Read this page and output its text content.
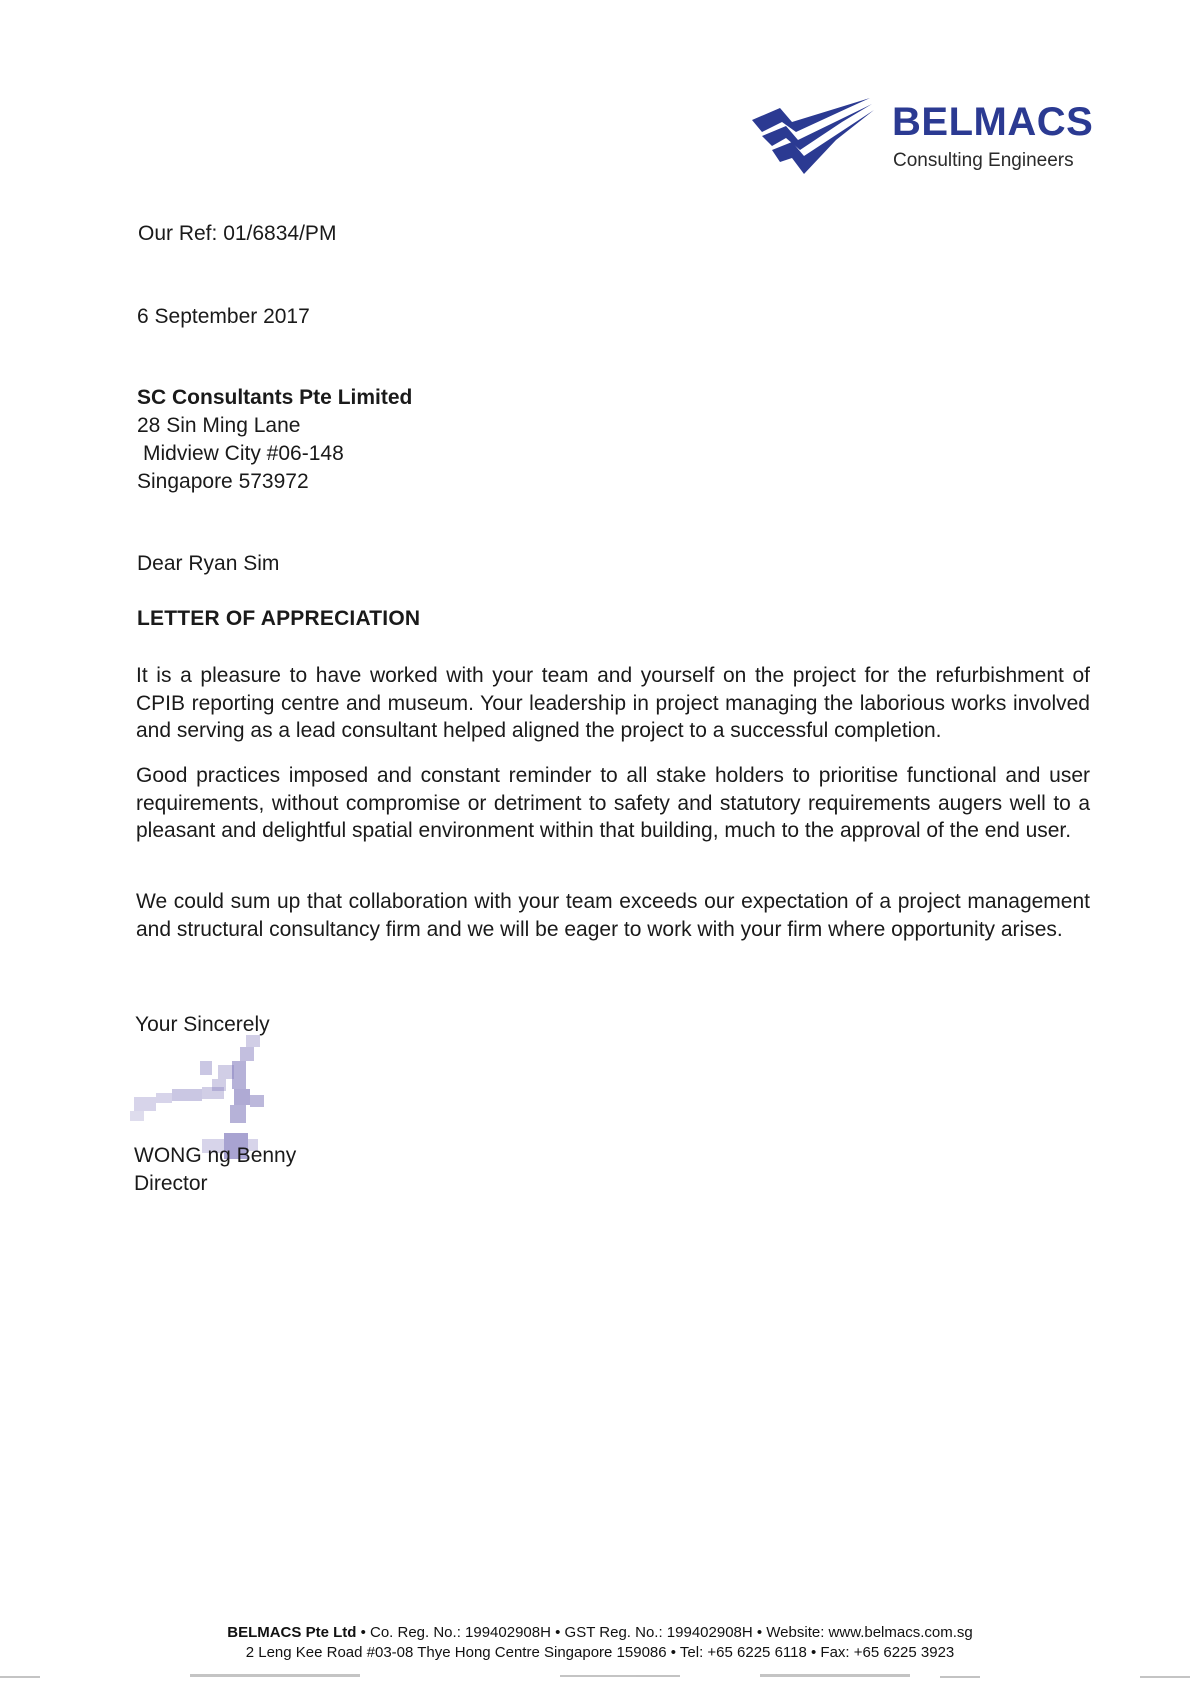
BELMACS
Consulting Engineers
Our Ref: 01/6834/PM
6 September 2017
SC Consultants Pte Limited
28 Sin Ming Lane
Midview City #06-148
Singapore 573972
Dear Ryan Sim
LETTER OF APPRECIATION

It is a pleasure to have worked with your team and yourself on the project for the refurbishment of CPIB reporting centre and museum. Your leadership in project managing the laborious works involved and serving as a lead consultant helped aligned the project to a successful completion.

Good practices imposed and constant reminder to all stake holders to prioritise functional and user requirements, without compromise or detriment to safety and statutory requirements augers well to a pleasant and delightful spatial environment within that building, much to the approval of the end user.

We could sum up that collaboration with your team exceeds our expectation of a project management and structural consultancy firm and we will be eager to work with your firm where opportunity arises.

Your Sincerely
WONG ng Benny
Director
BELMACS Pte Ltd • Co. Reg. No.: 199402908H • GST Reg. No.: 199402908H • Website: www.belmacs.com.sg
2 Leng Kee Road #03-08 Thye Hong Centre Singapore 159086 • Tel: +65 6225 6118 • Fax: +65 6225 3923
